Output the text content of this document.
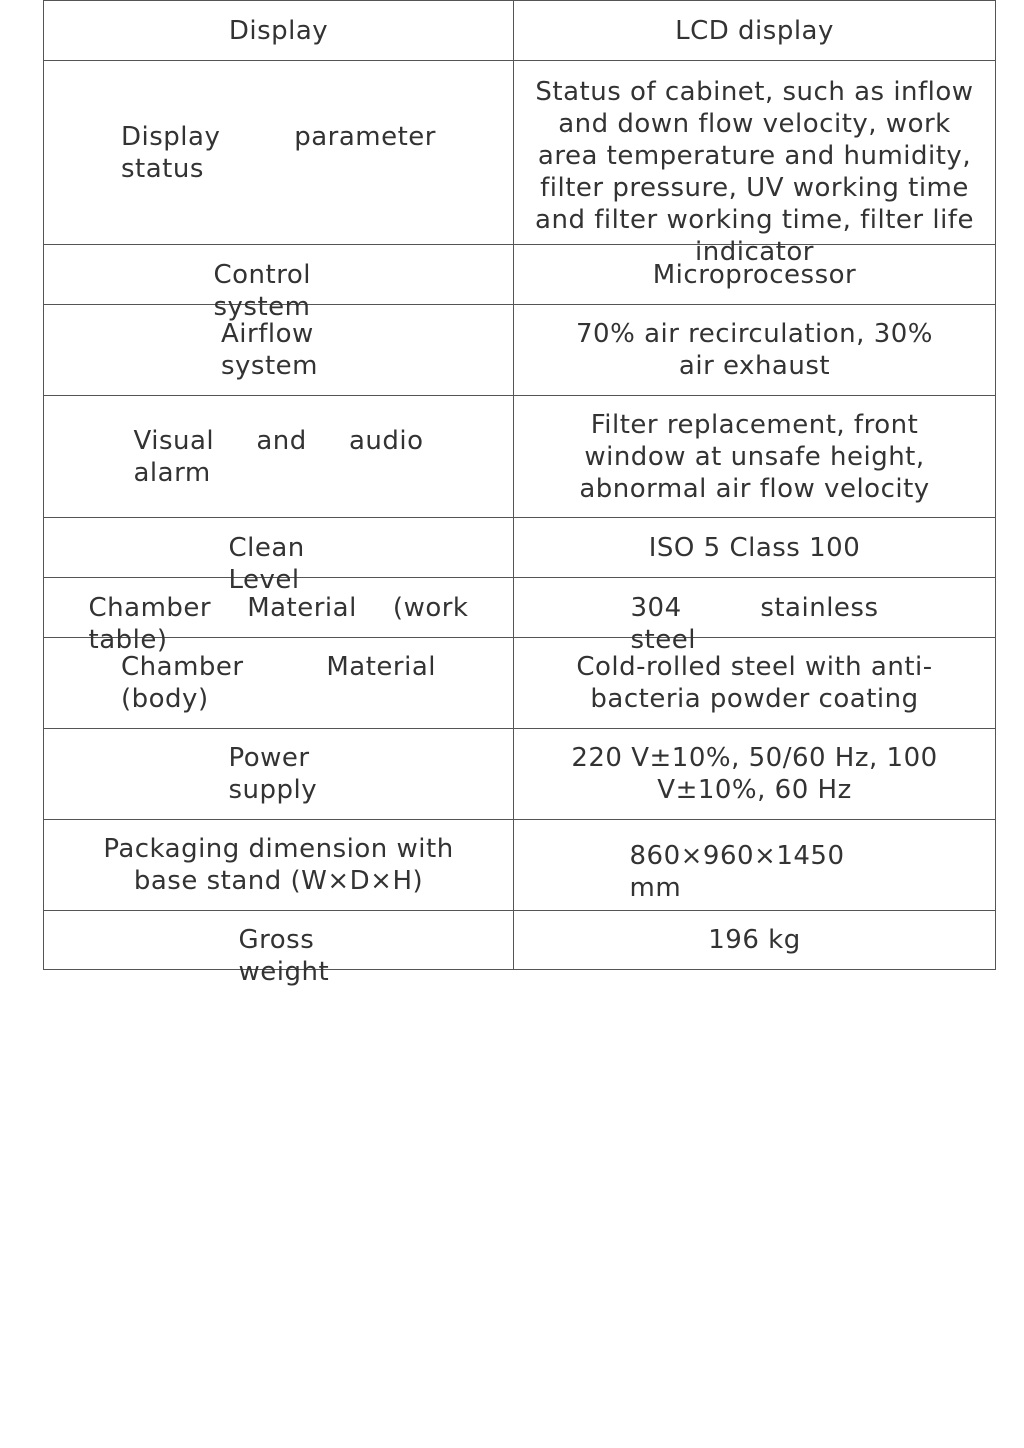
Display	LCD display

Display parameter status	Status of cabinet, such as inflow and down flow velocity, work area temperature and humidity, filter pressure, UV working time and filter working time, filter life indicator

Control system	Microprocessor

Airflow system	70% air recirculation, 30% air exhaust

Visual and audio alarm	Filter replacement, front window at unsafe height, abnormal air flow velocity

Clean Level	ISO 5 Class 100

Chamber Material (work table)	304 stainless steel

Chamber Material (body)	Cold-rolled steel with anti-bacteria powder coating

Power supply	220 V±10%, 50/60 Hz, 100 V±10%, 60 Hz

Packaging dimension with base stand (W×D×H)	860×960×1450 mm

Gross weight	196 kg
